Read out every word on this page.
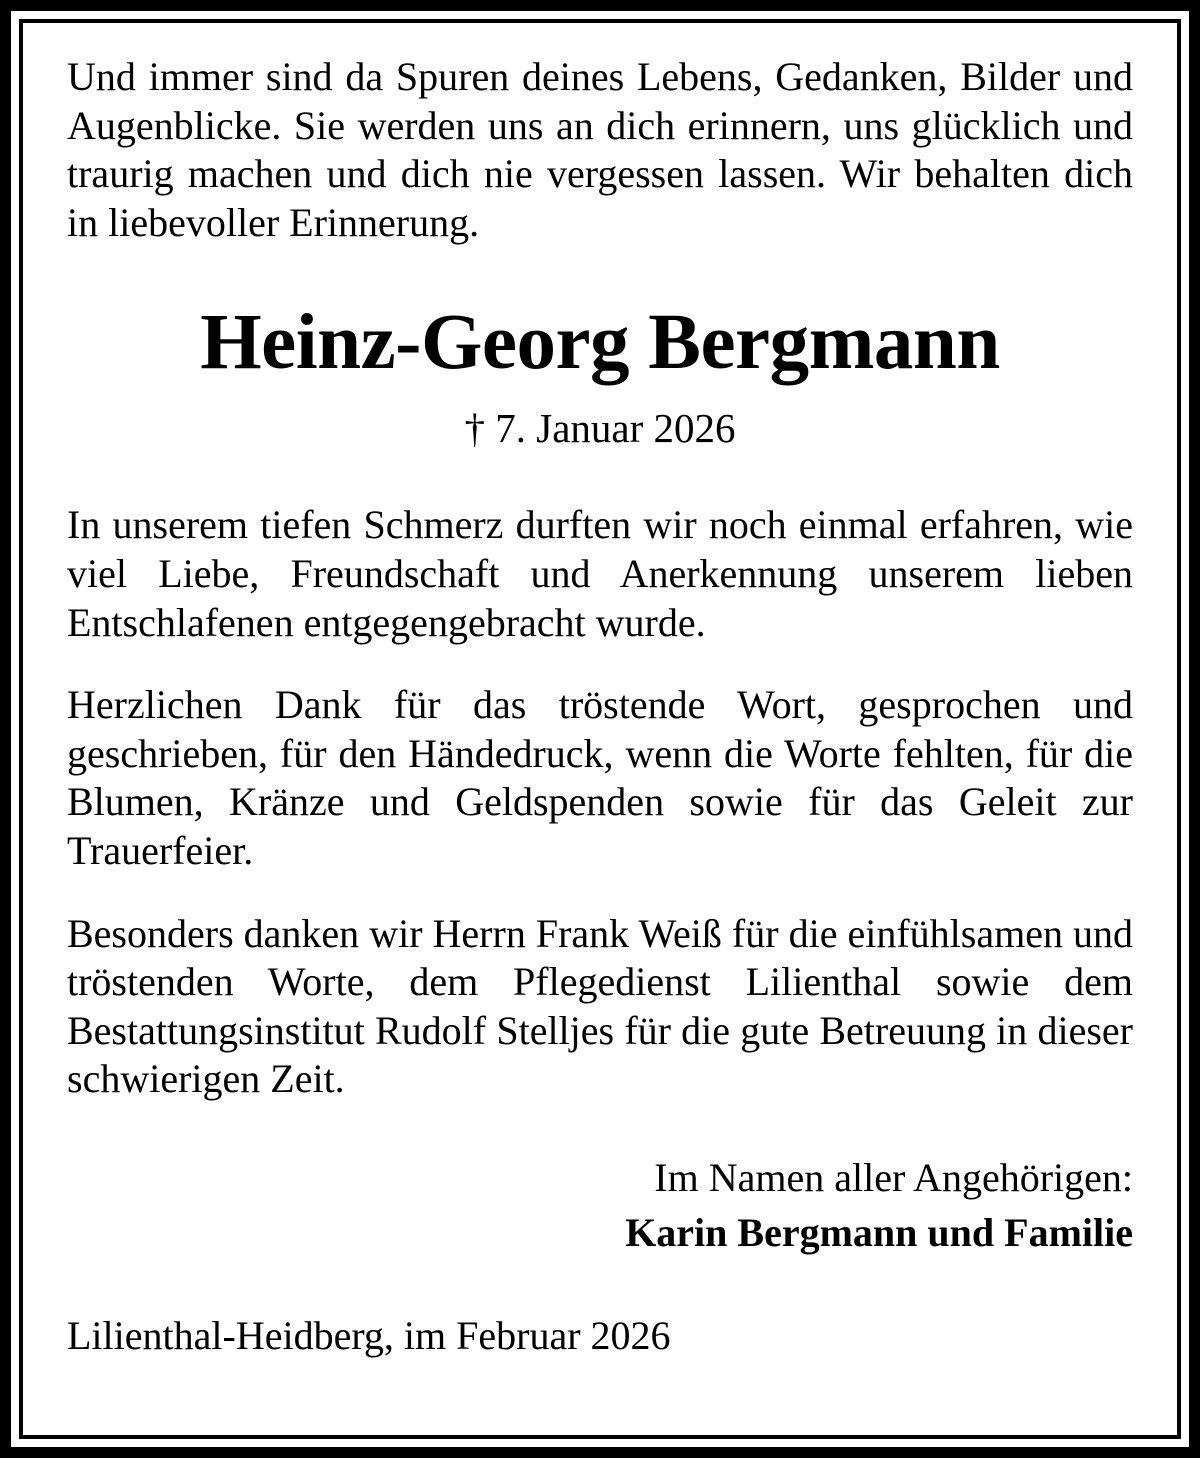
Und immer sind da Spuren deines Lebens, Gedanken, Bilder und Augenblicke. Sie werden uns an dich erinnern, uns glücklich und traurig machen und dich nie vergessen lassen. Wir behalten dich in liebevoller Erinnerung.

Heinz-Georg Bergmann
† 7. Januar 2026

In unserem tiefen Schmerz durften wir noch einmal erfahren, wie viel Liebe, Freundschaft und Anerkennung unserem lieben Entschlafenen entgegengebracht wurde.

Herzlichen Dank für das tröstende Wort, gesprochen und geschrieben, für den Händedruck, wenn die Worte fehlten, für die Blumen, Kränze und Geldspenden sowie für das Geleit zur Trauerfeier.

Besonders danken wir Herrn Frank Weiß für die einfühlsamen und tröstenden Worte, dem Pflegedienst Lilienthal sowie dem Bestattungsinstitut Rudolf Stelljes für die gute Betreuung in dieser schwierigen Zeit.

Im Namen aller Angehörigen:
Karin Bergmann und Familie
Lilienthal-Heidberg, im Februar 2026
